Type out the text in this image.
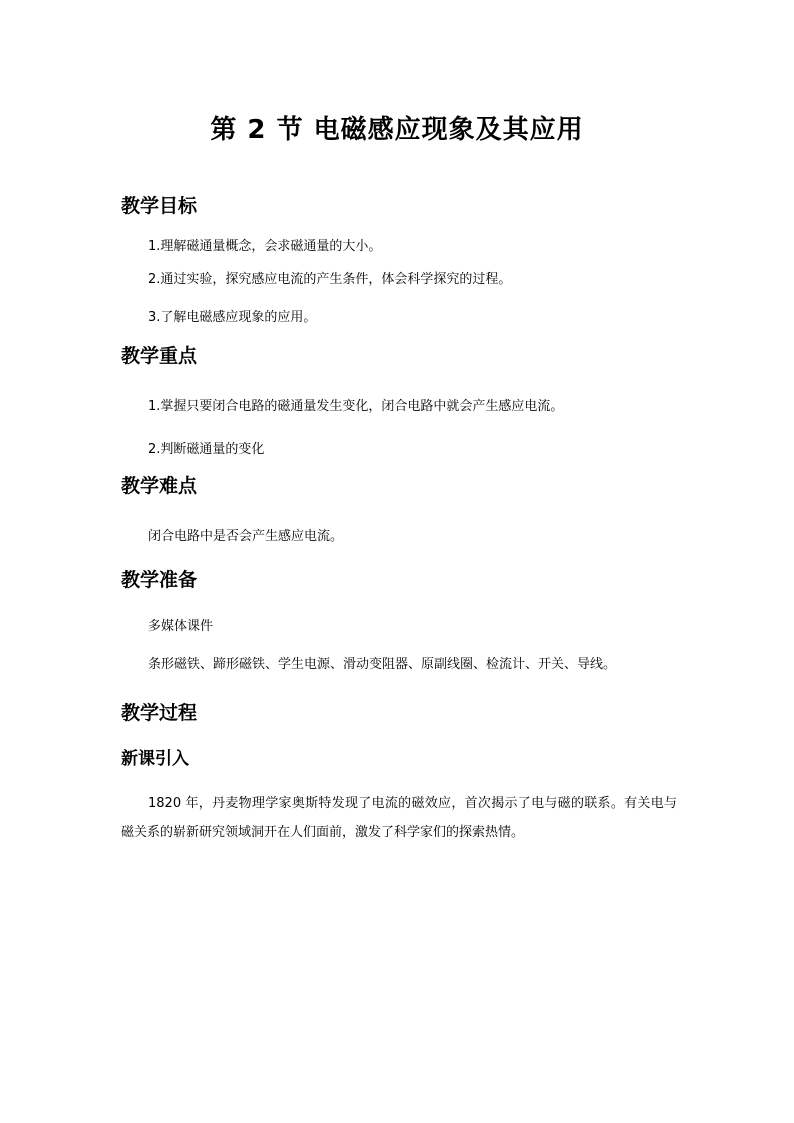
第 2 节 电磁感应现象及其应用
教学目标
1.理解磁通量概念，会求磁通量的大小。
2.通过实验，探究感应电流的产生条件，体会科学探究的过程。
3.了解电磁感应现象的应用。
教学重点
1.掌握只要闭合电路的磁通量发生变化，闭合电路中就会产生感应电流。
2.判断磁通量的变化
教学难点
闭合电路中是否会产生感应电流。
教学准备
多媒体课件
条形磁铁、蹄形磁铁、学生电源、滑动变阻器、原副线圈、检流计、开关、导线。
教学过程
新课引入
1820 年，丹麦物理学家奥斯特发现了电流的磁效应，首次揭示了电与磁的联系。有关电与磁关系的崭新研究领域洞开在人们面前，激发了科学家们的探索热情。
